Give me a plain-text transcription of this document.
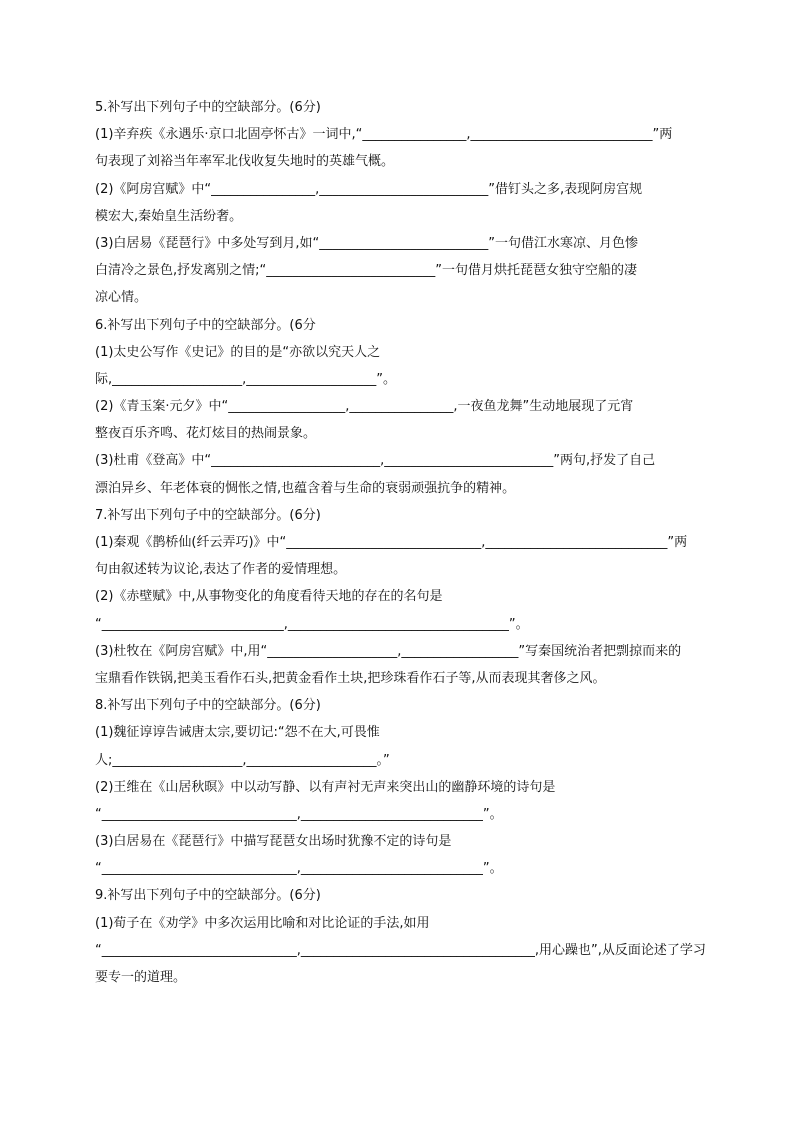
5.补写出下列句子中的空缺部分。(6分)
(1)辛弃疾《永遇乐·京口北固亭怀古》一词中,“________________,____________________________”两
句表现了刘裕当年率军北伐收复失地时的英雄气概。
(2)《阿房宫赋》中“________________,__________________________”借钉头之多,表现阿房宫规
模宏大,秦始皇生活纷奢。
(3)白居易《琵琶行》中多处写到月,如“__________________________”一句借江水寒凉、月色惨
白清冷之景色,抒发离别之情;“__________________________”一句借月烘托琵琶女独守空船的凄
凉心情。
6.补写出下列句子中的空缺部分。(6分
(1)太史公写作《史记》的目的是“亦欲以究天人之
际,____________________,____________________”。
(2)《青玉案·元夕》中“__________________,________________,一夜鱼龙舞”生动地展现了元宵
整夜百乐齐鸣、花灯炫目的热闹景象。
(3)杜甫《登高》中“__________________________,__________________________”两句,抒发了自己
漂泊异乡、年老体衰的惆怅之情,也蕴含着与生命的衰弱顽强抗争的精神。
7.补写出下列句子中的空缺部分。(6分)
(1)秦观《鹊桥仙(纤云弄巧)》中“______________________________,____________________________”两
句由叙述转为议论,表达了作者的爱情理想。
(2)《赤壁赋》中,从事物变化的角度看待天地的存在的名句是
“____________________________,__________________________________”。
(3)杜牧在《阿房宫赋》中,用“____________________,__________________”写秦国统治者把剽掠而来的
宝鼎看作铁锅,把美玉看作石头,把黄金看作土块,把珍珠看作石子等,从而表现其奢侈之风。
8.补写出下列句子中的空缺部分。(6分)
(1)魏征谆谆告诫唐太宗,要切记:“怨不在大,可畏惟
人;____________________,____________________。”
(2)王维在《山居秋暝》中以动写静、以有声衬无声来突出山的幽静环境的诗句是
“______________________________,____________________________”。
(3)白居易在《琵琶行》中描写琵琶女出场时犹豫不定的诗句是
“______________________________,____________________________”。
9.补写出下列句子中的空缺部分。(6分)
(1)荀子在《劝学》中多次运用比喻和对比论证的手法,如用
“______________________________,____________________________________,用心躁也”,从反面论述了学习
要专一的道理。
